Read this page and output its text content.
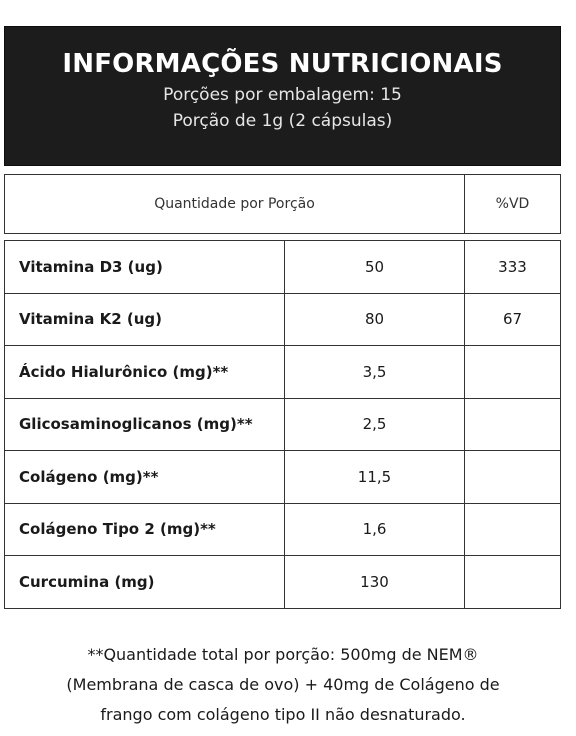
INFORMAÇÕES NUTRICIONAIS
Porções por embalagem: 15
Porção de 1g (2 cápsulas)
Quantidade por Porção	%VD
Vitamina D3 (ug)	50	333
Vitamina K2 (ug)	80	67
Ácido Hialurônico (mg)**	3,5	
Glicosaminoglicanos (mg)**	2,5	
Colágeno (mg)**	11,5	
Colágeno Tipo 2 (mg)**	1,6	
Curcumina (mg)	130	
**Quantidade total por porção: 500mg de NEM®
(Membrana de casca de ovo) + 40mg de Colágeno de
frango com colágeno tipo II não desnaturado.
